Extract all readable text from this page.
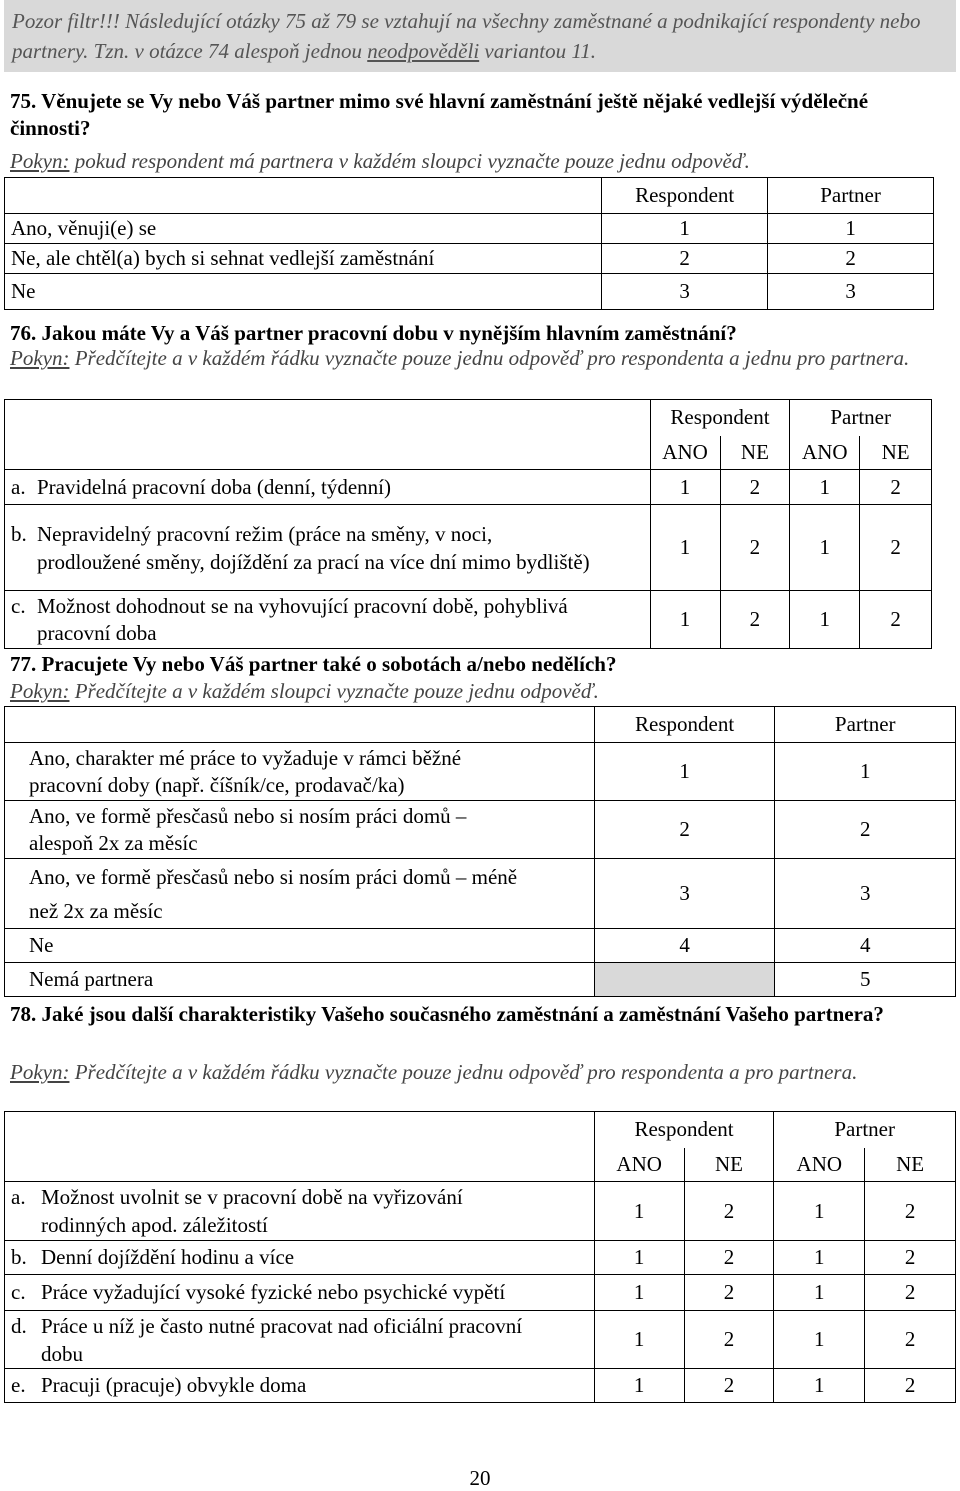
Pozor filtr!!! Následující otázky 75 až 79 se vztahují na všechny zaměstnané a podnikající respondenty nebo partnery. Tzn. v otázce 74 alespoň jednou neodpověděli variantou 11.

75. Věnujete se Vy nebo Váš partner mimo své hlavní zaměstnání ještě nějaké vedlejší výdělečné činnosti?

Pokyn: pokud respondent má partnera v každém sloupci vyznačte pouze jednu odpověď.

	Respondent	Partner
Ano, věnuji(e) se	1	1
Ne, ale chtěl(a) bych si sehnat vedlejší zaměstnání	2	2
Ne	3	3

76. Jakou máte Vy a Váš partner pracovní dobu v nynějším hlavním zaměstnání?

Pokyn: Předčítejte a v každém řádku vyznačte pouze jednu odpověď pro respondenta a jednu pro partnera.

	Respondent		Partner	
	ANO	NE	ANO	NE

a. Pravidelná pracovní doba (denní, týdenní)	1	2	1	2

b. Nepravidelný pracovní režim (práce na směny, v noci, prodloužené směny, dojíždění za prací na více dní mimo bydliště)	1	2	1	2

c. Možnost dohodnout se na vyhovující pracovní době, pohyblivá pracovní doba	1	2	1	2

77. Pracujete Vy nebo Váš partner také o sobotách a/nebo nedělích?

Pokyn: Předčítejte a v každém sloupci vyznačte pouze jednu odpověď.

	Respondent	Partner

Ano, charakter mé práce to vyžaduje v rámci běžné pracovní doby (např. číšník/ce, prodavač/ka)	1	1

Ano, ve formě přesčasů nebo si nosím práci domů – alespoň 2x za měsíc	2	2

Ano, ve formě přesčasů nebo si nosím práci domů – méně než 2x za měsíc	3	3
Ne	4	4
Nemá partnera		5

78. Jaké jsou další charakteristiky Vašeho současného zaměstnání a zaměstnání Vašeho partnera?

Pokyn: Předčítejte a v každém řádku vyznačte pouze jednu odpověď pro respondenta a pro partnera.

	Respondent		Partner	
	ANO	NE	ANO	NE

a. Možnost uvolnit se v pracovní době na vyřizování rodinných apod. záležitostí	1	2	1	2

b. Denní dojíždění hodinu a více	1	2	1	2

c. Práce vyžadující vysoké fyzické nebo psychické vypětí	1	2	1	2

d. Práce u níž je často nutné pracovat nad oficiální pracovní dobu	1	2	1	2

e. Pracuji (pracuje) obvykle doma	1	2	1	2
20
